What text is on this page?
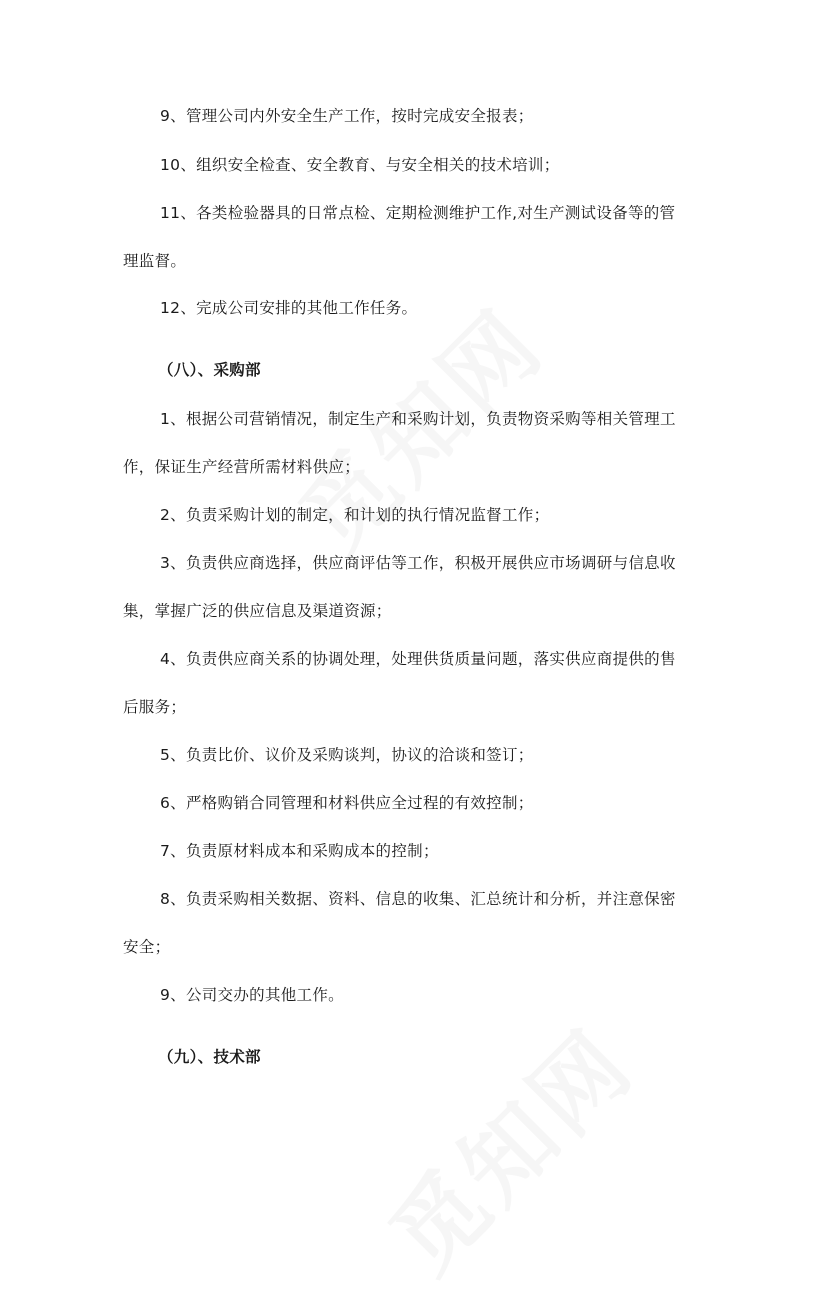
9、管理公司内外安全生产工作，按时完成安全报表；
10、组织安全检查、安全教育、与安全相关的技术培训；
11、各类检验器具的日常点检、定期检测维护工作,对生产测试设备等的管
理监督。
12、完成公司安排的其他工作任务。
（八）、采购部
1、根据公司营销情况，制定生产和采购计划，负责物资采购等相关管理工
作，保证生产经营所需材料供应；
2、负责采购计划的制定，和计划的执行情况监督工作；
3、负责供应商选择，供应商评估等工作，积极开展供应市场调研与信息收
集，掌握广泛的供应信息及渠道资源；
4、负责供应商关系的协调处理，处理供货质量问题，落实供应商提供的售
后服务；
5、负责比价、议价及采购谈判，协议的洽谈和签订；
6、严格购销合同管理和材料供应全过程的有效控制；
7、负责原材料成本和采购成本的控制；
8、负责采购相关数据、资料、信息的收集、汇总统计和分析，并注意保密
安全；
9、公司交办的其他工作。
（九）、技术部
